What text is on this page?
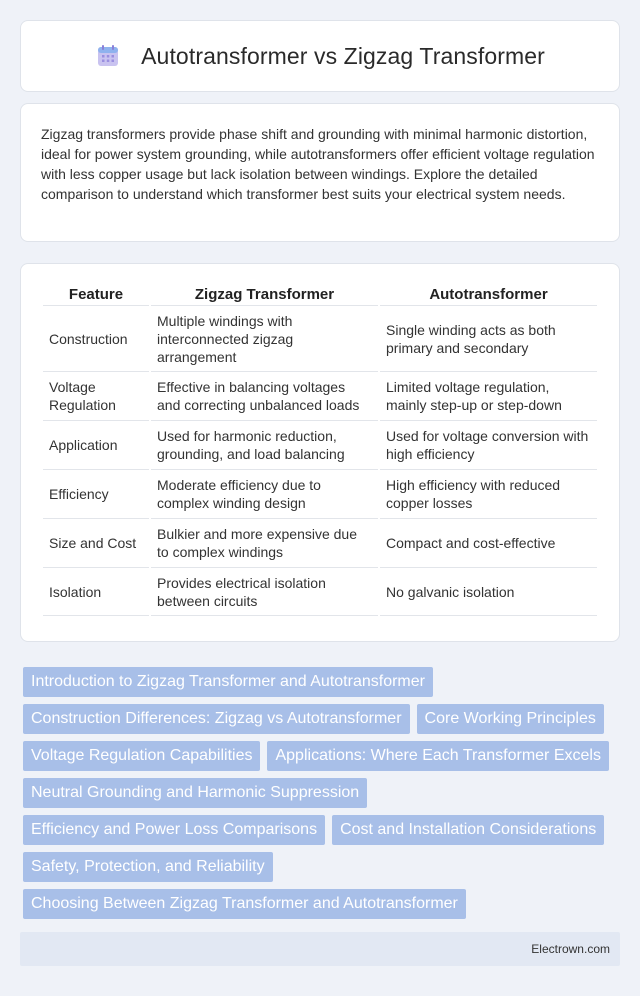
Autotransformer vs Zigzag Transformer

Zigzag transformers provide phase shift and grounding with minimal harmonic distortion, ideal for power system grounding, while autotransformers offer efficient voltage regulation with less copper usage but lack isolation between windings. Explore the detailed comparison to understand which transformer best suits your electrical system needs.

Feature	Zigzag Transformer	Autotransformer
Construction	Multiple windings with interconnected zigzag arrangement	Single winding acts as both primary and secondary
Voltage Regulation	Effective in balancing voltages and correcting unbalanced loads	Limited voltage regulation, mainly step-up or step-down
Application	Used for harmonic reduction, grounding, and load balancing	Used for voltage conversion with high efficiency
Efficiency	Moderate efficiency due to complex winding design	High efficiency with reduced copper losses
Size and Cost	Bulkier and more expensive due to complex windings	Compact and cost-effective
Isolation	Provides electrical isolation between circuits	No galvanic isolation
Introduction to Zigzag Transformer and Autotransformer
Construction Differences: Zigzag vs Autotransformer	Core Working Principles
Voltage Regulation Capabilities	Applications: Where Each Transformer Excels
Neutral Grounding and Harmonic Suppression
Efficiency and Power Loss Comparisons	Cost and Installation Considerations
Safety, Protection, and Reliability
Choosing Between Zigzag Transformer and Autotransformer
Electrown.com
